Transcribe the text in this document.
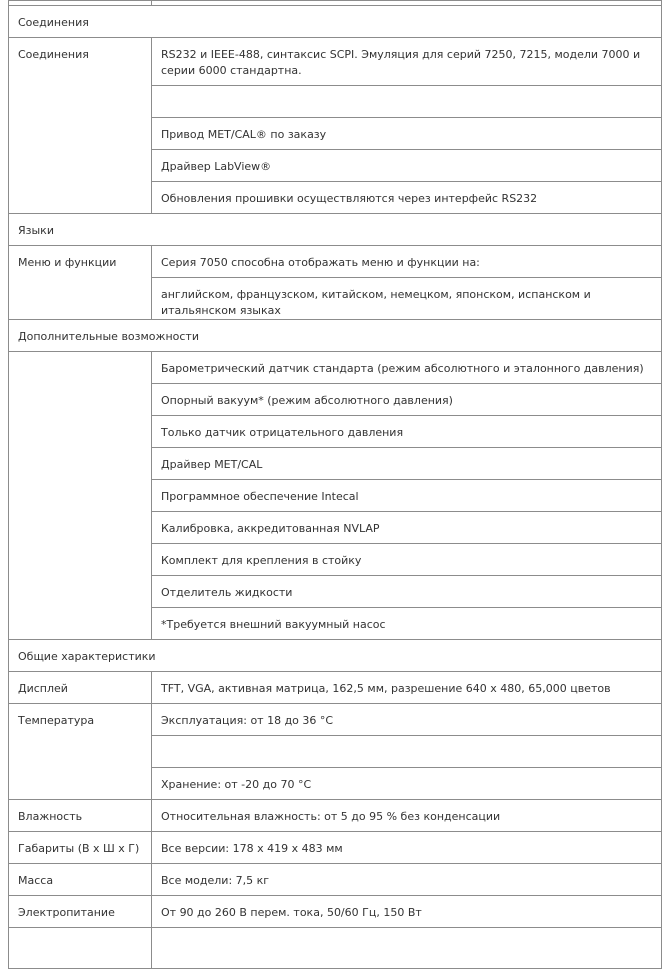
Соединения	
Соединения	RS232 и IEEE-488, синтаксис SCPI. Эмуляция для серий 7250, 7215, модели 7000 и серии 6000 стандартна.

	Привод MET/CAL® по заказу
	Драйвер LabView®
	Обновления прошивки осуществляются через интерфейс RS232
Языки	
Меню и функции	Серия 7050 способна отображать меню и функции на:
	английском, французском, китайском, немецком, японском, испанском и итальянском языках
Дополнительные возможности	
	Барометрический датчик стандарта (режим абсолютного и эталонного давления)
	Опорный вакуум* (режим абсолютного давления)
	Только датчик отрицательного давления
	Драйвер MET/CAL
	Программное обеспечение Intecal
	Калибровка, аккредитованная NVLAP
	Комплект для крепления в стойку
	Отделитель жидкости
	*Требуется внешний вакуумный насос
Общие характеристики	
Дисплей	TFT, VGA, активная матрица, 162,5 мм, разрешение 640 x 480, 65,000 цветов
Температура	Эксплуатация: от 18 до 36 °C

	Хранение: от -20 до 70 °C
Влажность	Относительная влажность: от 5 до 95 % без конденсации
Габариты (В x Ш x Г)	Все версии: 178 x 419 x 483 мм
Масса	Все модели: 7,5 кг
Электропитание	От 90 до 260 В перем. тока, 50/60 Гц, 150 Вт
